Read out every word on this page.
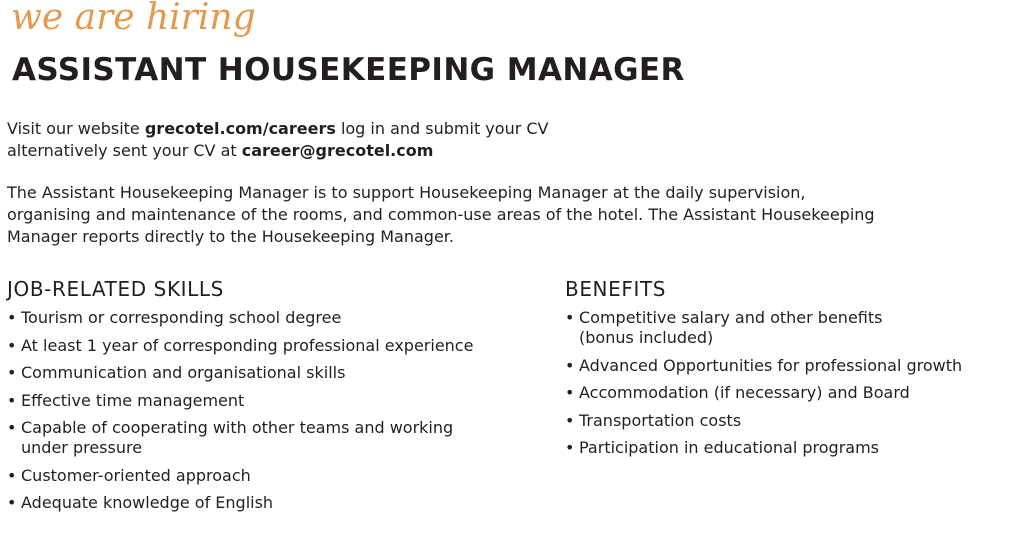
we are hiring
ASSISTANT HOUSEKEEPING MANAGER
Visit our website grecotel.com/careers log in and submit your CV
alternatively sent your CV at career@grecotel.com
The Assistant Housekeeping Manager is to support Housekeeping Manager at the daily supervision,
organising and maintenance of the rooms, and common-use areas of the hotel. The Assistant Housekeeping
Manager reports directly to the Housekeeping Manager.
JOB-RELATED SKILLS
• Tourism or corresponding school degree
• At least 1 year of corresponding professional experience
• Communication and organisational skills
• Effective time management
• Capable of cooperating with other teams and working
under pressure
• Customer-oriented approach
• Adequate knowledge of English
BENEFITS
• Competitive salary and other benefits
(bonus included)
• Advanced Opportunities for professional growth
• Accommodation (if necessary) and Board
• Transportation costs
• Participation in educational programs
